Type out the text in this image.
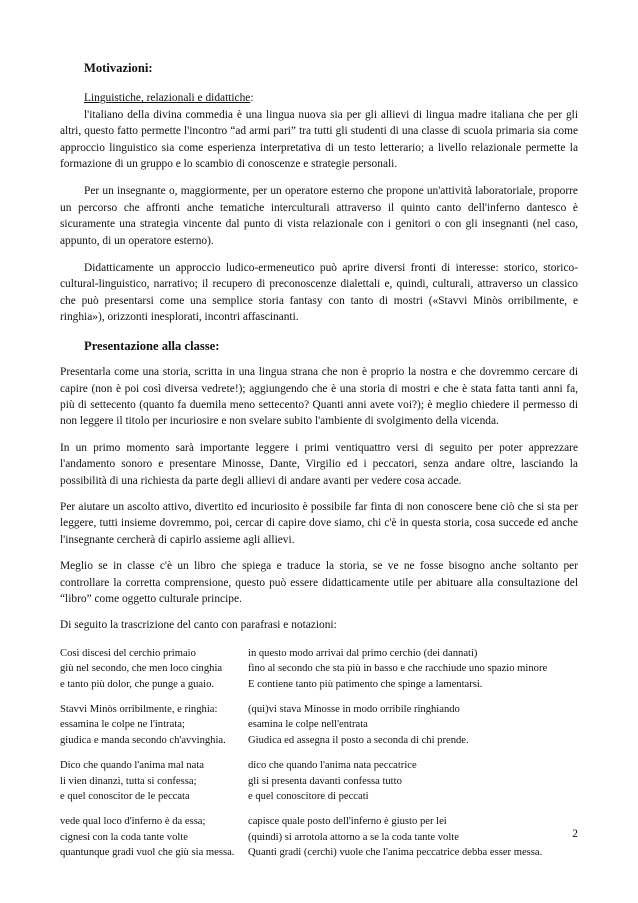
Motivazioni:
Linguistiche, relazionali e didattiche:

l'italiano della divina commedia è una lingua nuova sia per gli allievi di lingua madre italiana che per gli altri, questo fatto permette l'incontro “ad armi pari” tra tutti gli studenti di una classe di scuola primaria sia come approccio linguistico sia come esperienza interpretativa di un testo letterario; a livello relazionale permette la formazione di un gruppo e lo scambio di conoscenze e strategie personali.

Per un insegnante o, maggiormente, per un operatore esterno che propone un'attività laboratoriale, proporre un percorso che affronti anche tematiche interculturali attraverso il quinto canto dell'inferno dantesco è sicuramente una strategia vincente dal punto di vista relazionale con i genitori o con gli insegnanti (nel caso, appunto, di un operatore esterno).

Didatticamente un approccio ludico-ermeneutico può aprire diversi fronti di interesse: storico, storico-cultural-linguistico, narrativo; il recupero di preconoscenze dialettali e, quindi, culturali, attraverso un classico che può presentarsi come una semplice storia fantasy con tanto di mostri («Stavvi Minòs orribilmente, e ringhia»), orizzonti inesplorati, incontri affascinanti.

Presentazione alla classe:

Presentarla come una storia, scritta in una lingua strana che non è proprio la nostra e che dovremmo cercare di capire (non è poi così diversa vedrete!); aggiungendo che è una storia di mostri e che è stata fatta tanti anni fa, più di settecento (quanto fa duemila meno settecento? Quanti anni avete voi?); è meglio chiedere il permesso di non leggere il titolo per incuriosire e non svelare subito l'ambiente di svolgimento della vicenda.

In un primo momento sarà importante leggere i primi ventiquattro versi di seguito per poter apprezzare l'andamento sonoro e presentare Minosse, Dante, Virgilio ed i peccatori, senza andare oltre, lasciando la possibilità di una richiesta da parte degli allievi di andare avanti per vedere cosa accade.

Per aiutare un ascolto attivo, divertito ed incuriosito è possibile far finta di non conoscere bene ciò che si sta per leggere, tutti insieme dovremmo, poi, cercar di capire dove siamo, chi c'è in questa storia, cosa succede ed anche l'insegnante cercherà di capirlo assieme agli allievi.

Meglio se in classe c'è un libro che spiega e traduce la storia, se ve ne fosse bisogno anche soltanto per controllare la corretta comprensione, questo può essere didatticamente utile per abituare alla consultazione del “libro” come oggetto culturale principe.

Di seguito la trascrizione del canto con parafrasi e notazioni:

Così discesi del cerchio primaio
giù nel secondo, che men loco cinghia
e tanto più dolor, che punge a guaio.
in questo modo arrivai dal primo cerchio (dei dannati)
fino al secondo che sta più in basso e che racchiude uno spazio minore
E contiene tanto più patimento che spinge a lamentarsi.
Stavvi Minòs orribilmente, e ringhia:
essamina le colpe ne l'intrata;
giudica e manda secondo ch'avvinghia.
(qui)vi stava Minosse in modo orribile ringhiando
esamina le colpe nell'entrata
Giudica ed assegna il posto a seconda di chi prende.
Dico che quando l'anima mal nata
li vien dinanzi, tutta si confessa;
e quel conoscitor de le peccata
dico che quando l'anima nata peccatrice
gli si presenta davanti confessa tutto
e quel conoscitore di peccati
vede qual loco d'inferno è da essa;
cignesi con la coda tante volte
quantunque gradi vuol che giù sia messa.
capisce quale posto dell'inferno è giusto per lei
(quindi) si arrotola attorno a se la coda tante volte
Quanti gradi (cerchi) vuole che l'anima peccatrice debba esser messa.
2
